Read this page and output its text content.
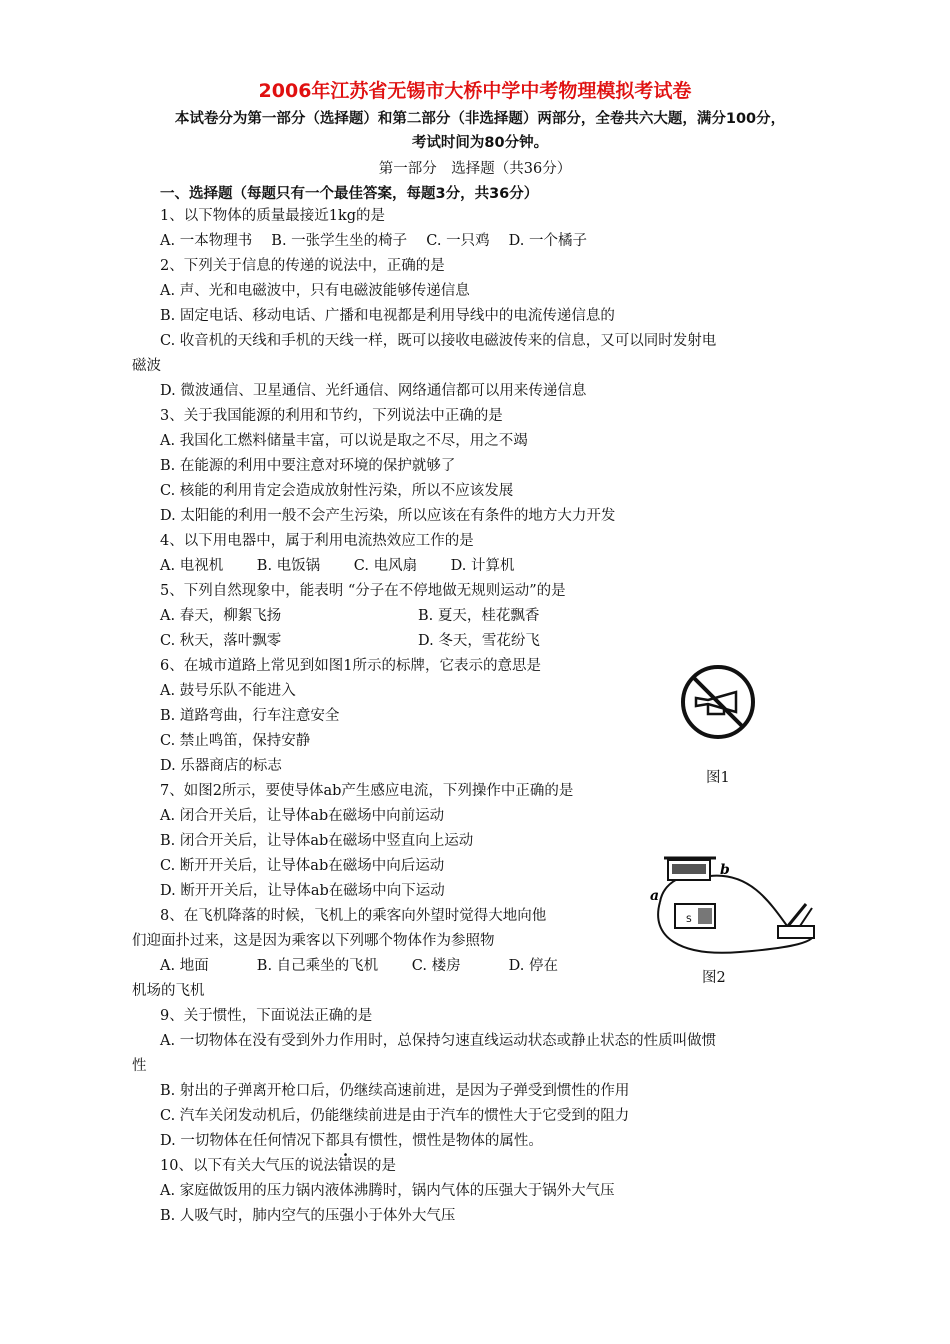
2006年江苏省无锡市大桥中学中考物理模拟考试卷
本试卷分为第一部分（选择题）和第二部分（非选择题）两部分，全卷共六大题，满分100分，
考试时间为80分钟。
第一部分　选择题（共36分）
一、选择题（每题只有一个最佳答案，每题3分，共36分）
1、以下物体的质量最接近1kg的是
A. 一本物理书　 B. 一张学生坐的椅子　 C. 一只鸡　 D. 一个橘子
2、下列关于信息的传递的说法中，正确的是
A. 声、光和电磁波中，只有电磁波能够传递信息
B. 固定电话、移动电话、广播和电视都是利用导线中的电流传递信息的
C. 收音机的天线和手机的天线一样，既可以接收电磁波传来的信息，又可以同时发射电
磁波
D. 微波通信、卫星通信、光纤通信、网络通信都可以用来传递信息
3、关于我国能源的利用和节约，下列说法中正确的是
A. 我国化工燃料储量丰富，可以说是取之不尽，用之不竭
B. 在能源的利用中要注意对环境的保护就够了
C. 核能的利用肯定会造成放射性污染，所以不应该发展
D. 太阳能的利用一般不会产生污染，所以应该在有条件的地方大力开发
4、以下用电器中，属于利用电流热效应工作的是
A. 电视机　　 B. 电饭锅　　 C. 电风扇　　 D. 计算机
5、下列自然现象中，能表明 “分子在不停地做无规则运动”的是
A. 春天，柳絮飞扬	B. 夏天，桂花飘香
C. 秋天，落叶飘零	D. 冬天，雪花纷飞
6、在城市道路上常见到如图1所示的标牌，它表示的意思是
A. 鼓号乐队不能进入
B. 道路弯曲，行车注意安全
C. 禁止鸣笛，保持安静
D. 乐器商店的标志
7、如图2所示，要使导体ab产生感应电流，下列操作中正确的是
A. 闭合开关后，让导体ab在磁场中向前运动
B. 闭合开关后，让导体ab在磁场中竖直向上运动
C. 断开开关后，让导体ab在磁场中向后运动
D. 断开开关后，让导体ab在磁场中向下运动
8、在飞机降落的时候，飞机上的乘客向外望时觉得大地向他
们迎面扑过来，这是因为乘客以下列哪个物体作为参照物
A. 地面　　　 B. 自己乘坐的飞机　　 C. 楼房　　　 D. 停在
机场的飞机
9、关于惯性，下面说法正确的是
A. 一切物体在没有受到外力作用时，总保持匀速直线运动状态或静止状态的性质叫做惯
性
B. 射出的子弹离开枪口后，仍继续高速前进，是因为子弹受到惯性的作用
C. 汽车关闭发动机后，仍能继续前进是由于汽车的惯性大于它受到的阻力
D. 一切物体在任何情况下都具有惯性，惯性是物体的属性。
10、以下有关大气压的说法错误的是
A. 家庭做饭用的压力锅内液体沸腾时，锅内气体的压强大于锅外大气压
B. 人吸气时，肺内空气的压强小于体外大气压
图1
S
a
b
图2
